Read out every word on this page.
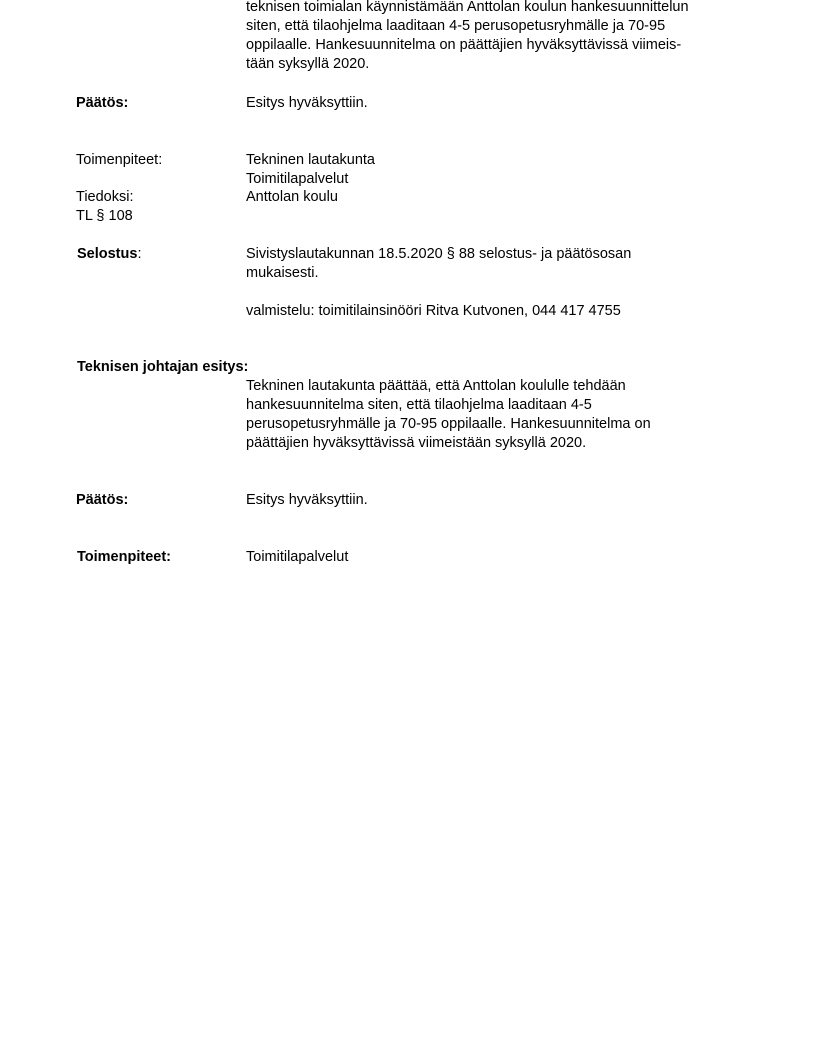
teknisen toimialan käynnistämään Anttolan koulun hankesuunnittelun
siten, että tilaohjelma laaditaan 4-5 perusopetusryhmälle ja 70-95
oppilaalle. Hankesuunnitelma on päättäjien hyväksyttävissä viimeis-
tään syksyllä 2020.
Päätös:	Esitys hyväksyttiin.
Toimenpiteet:	Tekninen lautakunta
Toimitilapalvelut
Tiedoksi:	Anttolan koulu
TL § 108
Selostus:	Sivistyslautakunnan 18.5.2020 § 88 selostus- ja päätösosan
mukaisesti.
valmistelu: toimitilainsinööri Ritva Kutvonen, 044 417 4755
Teknisen johtajan esitys:
Tekninen lautakunta päättää, että Anttolan koululle tehdään
hankesuunnitelma siten, että tilaohjelma laaditaan 4-5
perusopetusryhmälle ja 70-95 oppilaalle. Hankesuunnitelma on
päättäjien hyväksyttävissä viimeistään syksyllä 2020.
Päätös:	Esitys hyväksyttiin.
Toimenpiteet:	Toimitilapalvelut
